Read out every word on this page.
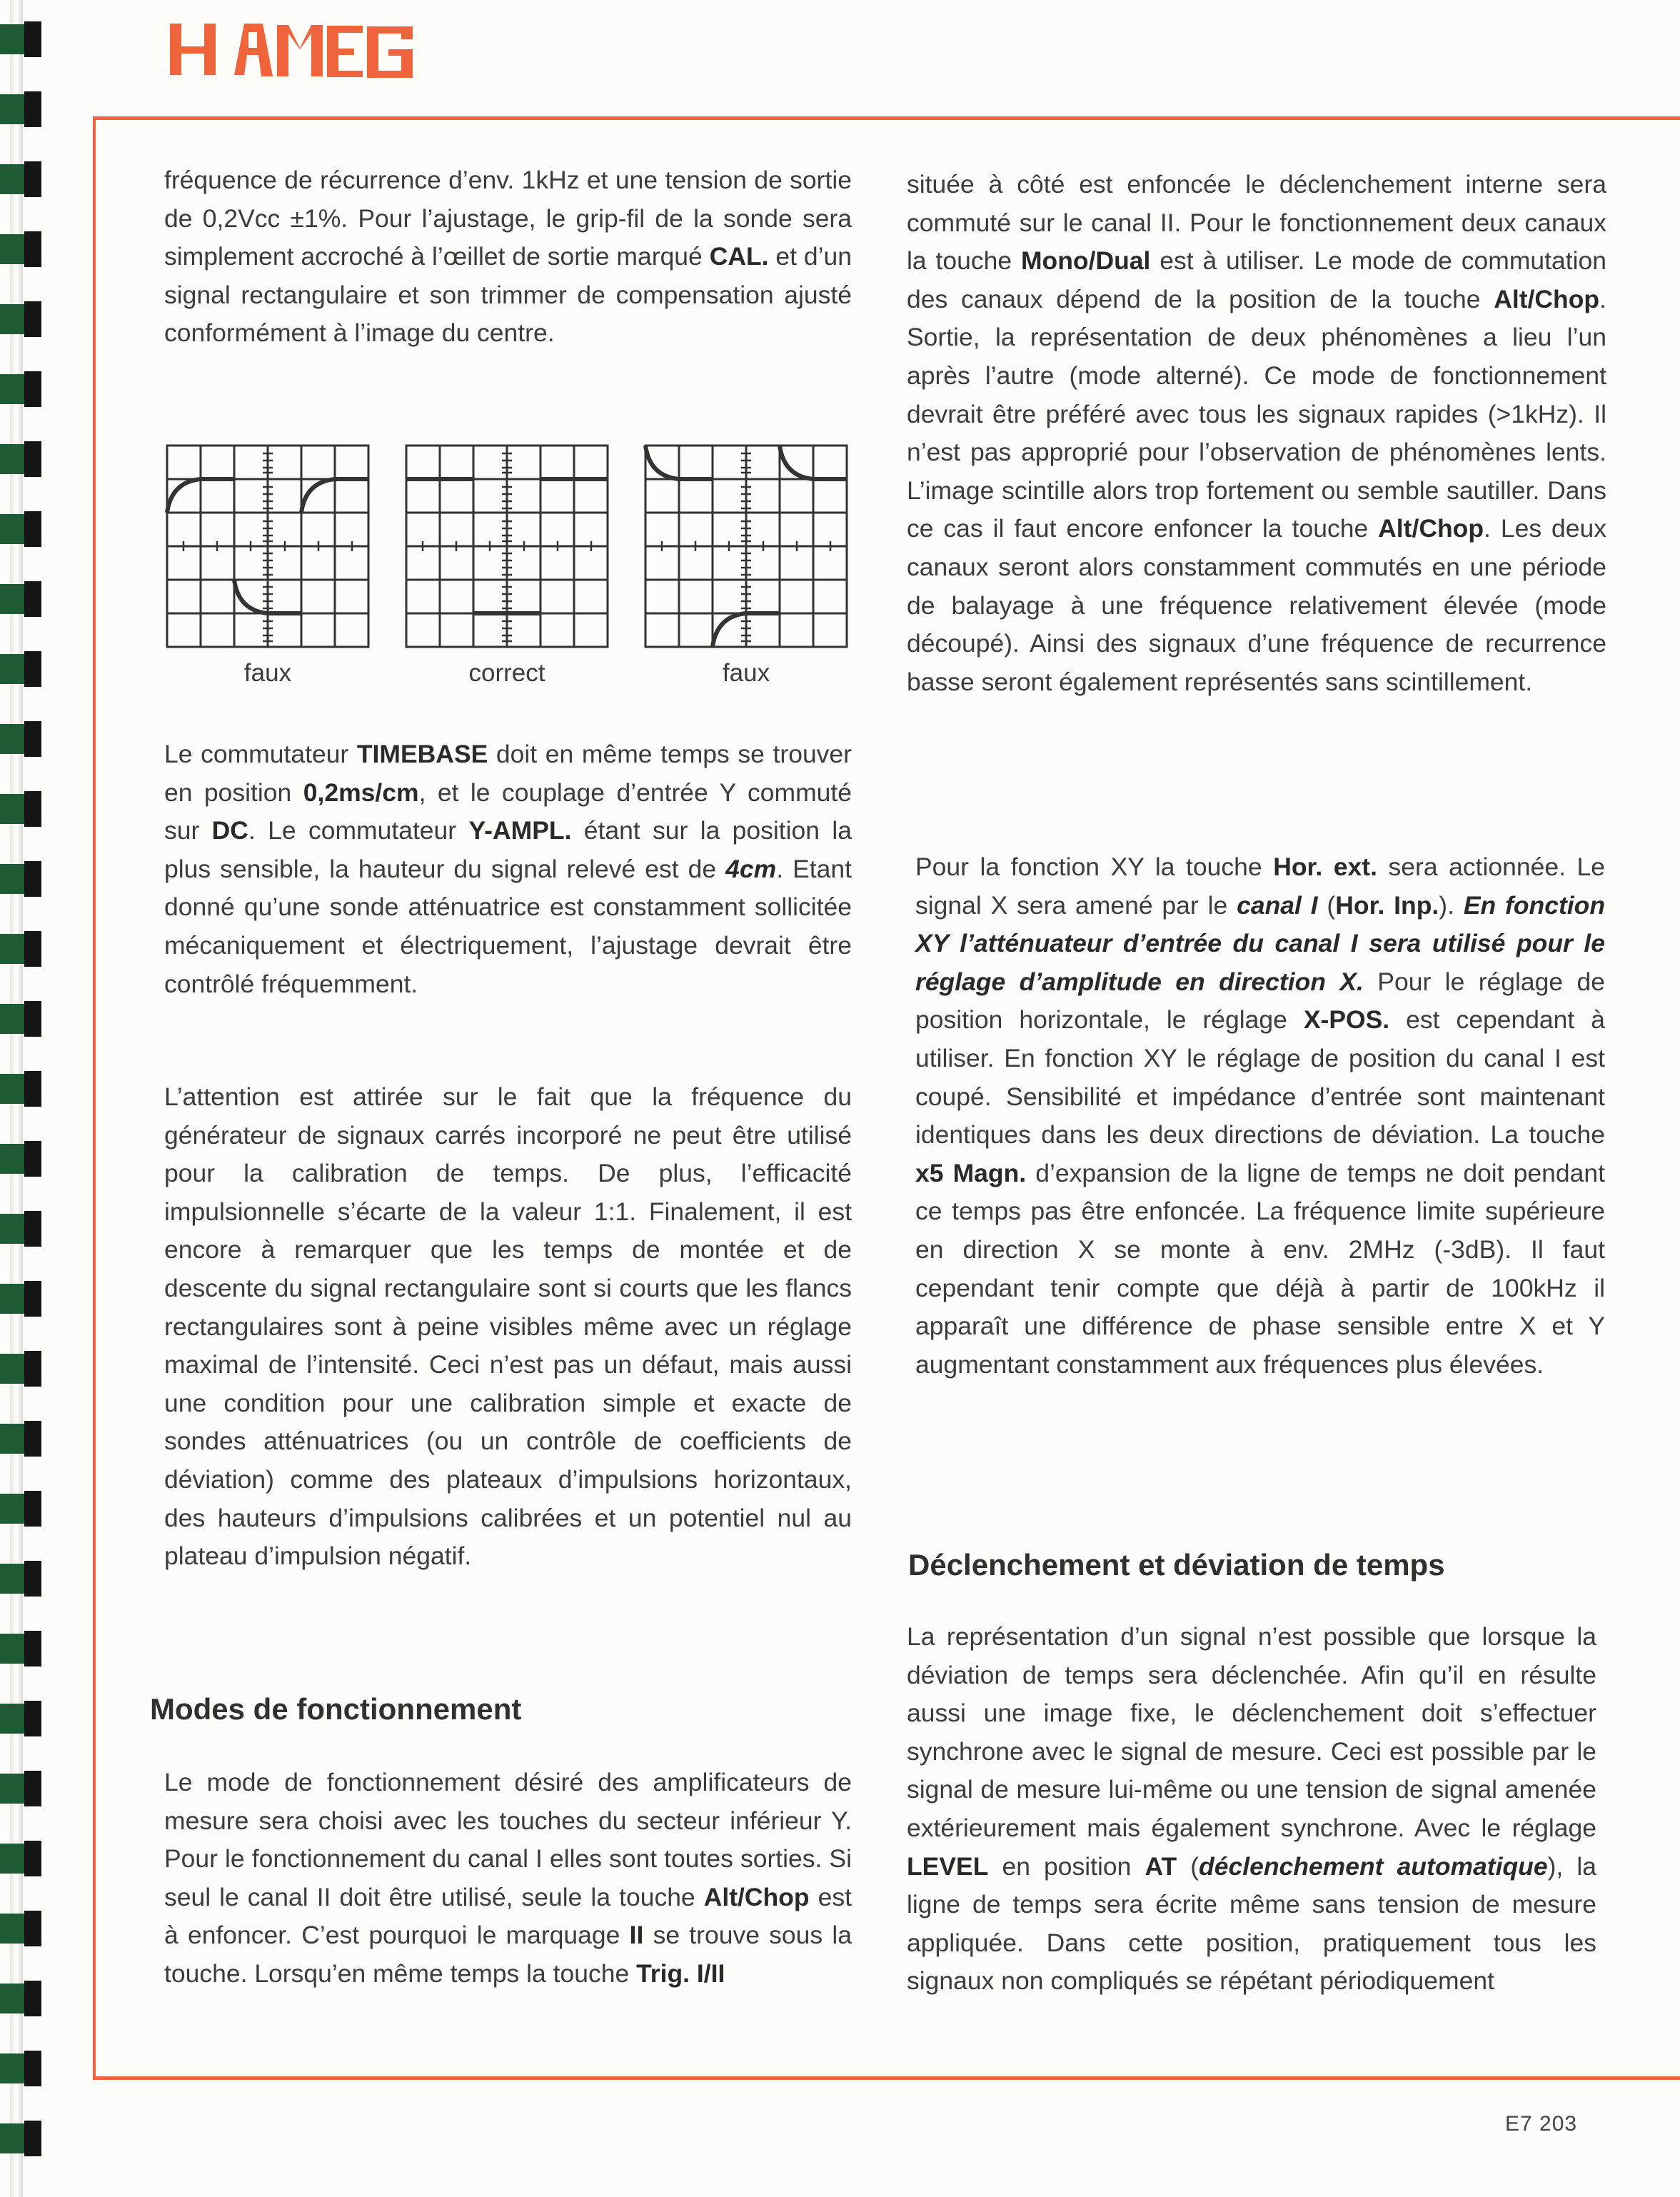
fréquence de récurrence d’env. 1kHz et une tension de sortie de 0,2Vcc ±1%. Pour l’ajustage, le grip-fil de la sonde sera simplement accroché à l’œillet de sortie marqué CAL. et d’un signal rectangulaire et son trimmer de compensation ajusté conformément à l’image du centre.

faux	correct	faux

Le commutateur TIMEBASE doit en même temps se trouver en position 0,2ms/cm, et le couplage d’entrée Y commuté sur DC. Le commutateur Y-AMPL. étant sur la position la plus sensible, la hauteur du signal relevé est de 4cm. Etant donné qu’une sonde atténuatrice est constamment sollicitée mécaniquement et électriquement, l’ajustage devrait être contrôlé fréquemment.

L’attention est attirée sur le fait que la fréquence du générateur de signaux carrés incorporé ne peut être utilisé pour la calibration de temps. De plus, l’efficacité impulsionnelle s’écarte de la valeur 1:1. Finalement, il est encore à remarquer que les temps de montée et de descente du signal rectangulaire sont si courts que les flancs rectangulaires sont à peine visibles même avec un réglage maximal de l’intensité. Ceci n’est pas un défaut, mais aussi une condition pour une calibration simple et exacte de sondes atténuatrices (ou un contrôle de coefficients de déviation) comme des plateaux d’impulsions horizontaux, des hauteurs d’impulsions calibrées et un potentiel nul au plateau d’impulsion négatif.

Modes de fonctionnement

Le mode de fonctionnement désiré des amplificateurs de mesure sera choisi avec les touches du secteur inférieur Y. Pour le fonctionnement du canal I elles sont toutes sorties. Si seul le canal II doit être utilisé, seule la touche Alt/Chop est à enfoncer. C’est pourquoi le marquage II se trouve sous la touche. Lorsqu’en même temps la touche Trig. I/II

située à côté est enfoncée le déclenchement interne sera commuté sur le canal II. Pour le fonctionnement deux canaux la touche Mono/Dual est à utiliser. Le mode de commutation des canaux dépend de la position de la touche Alt/Chop. Sortie, la représentation de deux phénomènes a lieu l’un après l’autre (mode alterné). Ce mode de fonctionnement devrait être préféré avec tous les signaux rapides (>1kHz). Il n’est pas approprié pour l’observation de phénomènes lents. L’image scintille alors trop fortement ou semble sautiller. Dans ce cas il faut encore enfoncer la touche Alt/Chop. Les deux canaux seront alors constamment commutés en une période de balayage à une fréquence relativement élevée (mode découpé). Ainsi des signaux d’une fréquence de recurrence basse seront également représentés sans scintillement.

Pour la fonction XY la touche Hor. ext. sera actionnée. Le signal X sera amené par le canal I (Hor. Inp.). En fonction XY l’atténuateur d’entrée du canal I sera utilisé pour le réglage d’amplitude en direction X. Pour le réglage de position horizontale, le réglage X-POS. est cependant à utiliser. En fonction XY le réglage de position du canal I est coupé. Sensibilité et impédance d’entrée sont maintenant identiques dans les deux directions de déviation. La touche x5 Magn. d’expansion de la ligne de temps ne doit pendant ce temps pas être enfoncée. La fréquence limite supérieure en direction X se monte à env. 2MHz (-3dB). Il faut cependant tenir compte que déjà à partir de 100kHz il apparaît une différence de phase sensible entre X et Y augmentant constamment aux fréquences plus élevées.

Déclenchement et déviation de temps

La représentation d’un signal n’est possible que lorsque la déviation de temps sera déclenchée. Afin qu’il en résulte aussi une image fixe, le déclenchement doit s’effectuer synchrone avec le signal de mesure. Ceci est possible par le signal de mesure lui-même ou une tension de signal amenée extérieurement mais également synchrone. Avec le réglage LEVEL en position AT (déclenchement automatique), la ligne de temps sera écrite même sans tension de mesure appliquée. Dans cette position, pratiquement tous les signaux non compliqués se répétant périodiquement

E7 203
